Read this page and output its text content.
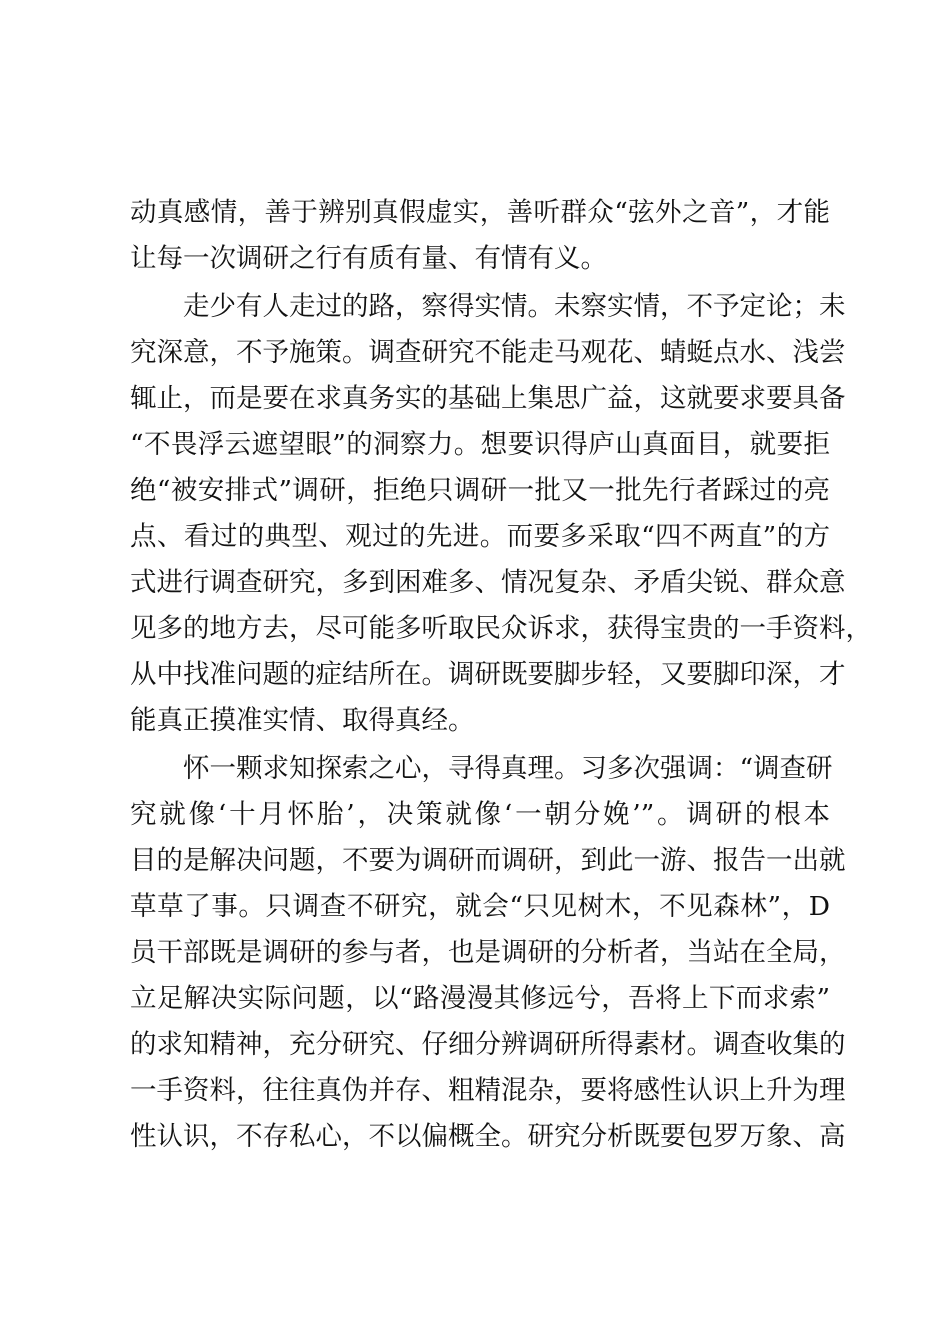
动真感情，善于辨别真假虚实，善听群众“弦外之音”，才能
让每一次调研之行有质有量、有情有义。
走少有人走过的路，察得实情。未察实情，不予定论；未
究深意，不予施策。调查研究不能走马观花、蜻蜓点水、浅尝
辄止，而是要在求真务实的基础上集思广益，这就要求要具备
“不畏浮云遮望眼”的洞察力。想要识得庐山真面目，就要拒
绝“被安排式”调研，拒绝只调研一批又一批先行者踩过的亮
点、看过的典型、观过的先进。而要多采取“四不两直”的方
式进行调查研究，多到困难多、情况复杂、矛盾尖锐、群众意
见多的地方去，尽可能多听取民众诉求，获得宝贵的一手资料，
从中找准问题的症结所在。调研既要脚步轻，又要脚印深，才
能真正摸准实情、取得真经。
怀一颗求知探索之心，寻得真理。习多次强调：“调查研
究就像‘十月怀胎’，决策就像‘一朝分娩’”。调研的根本
目的是解决问题，不要为调研而调研，到此一游、报告一出就
草草了事。只调查不研究，就会“只见树木，不见森林”，D
员干部既是调研的参与者，也是调研的分析者，当站在全局，
立足解决实际问题，以“路漫漫其修远兮，吾将上下而求索”
的求知精神，充分研究、仔细分辨调研所得素材。调查收集的
一手资料，往往真伪并存、粗精混杂，要将感性认识上升为理
性认识，不存私心，不以偏概全。研究分析既要包罗万象、高
